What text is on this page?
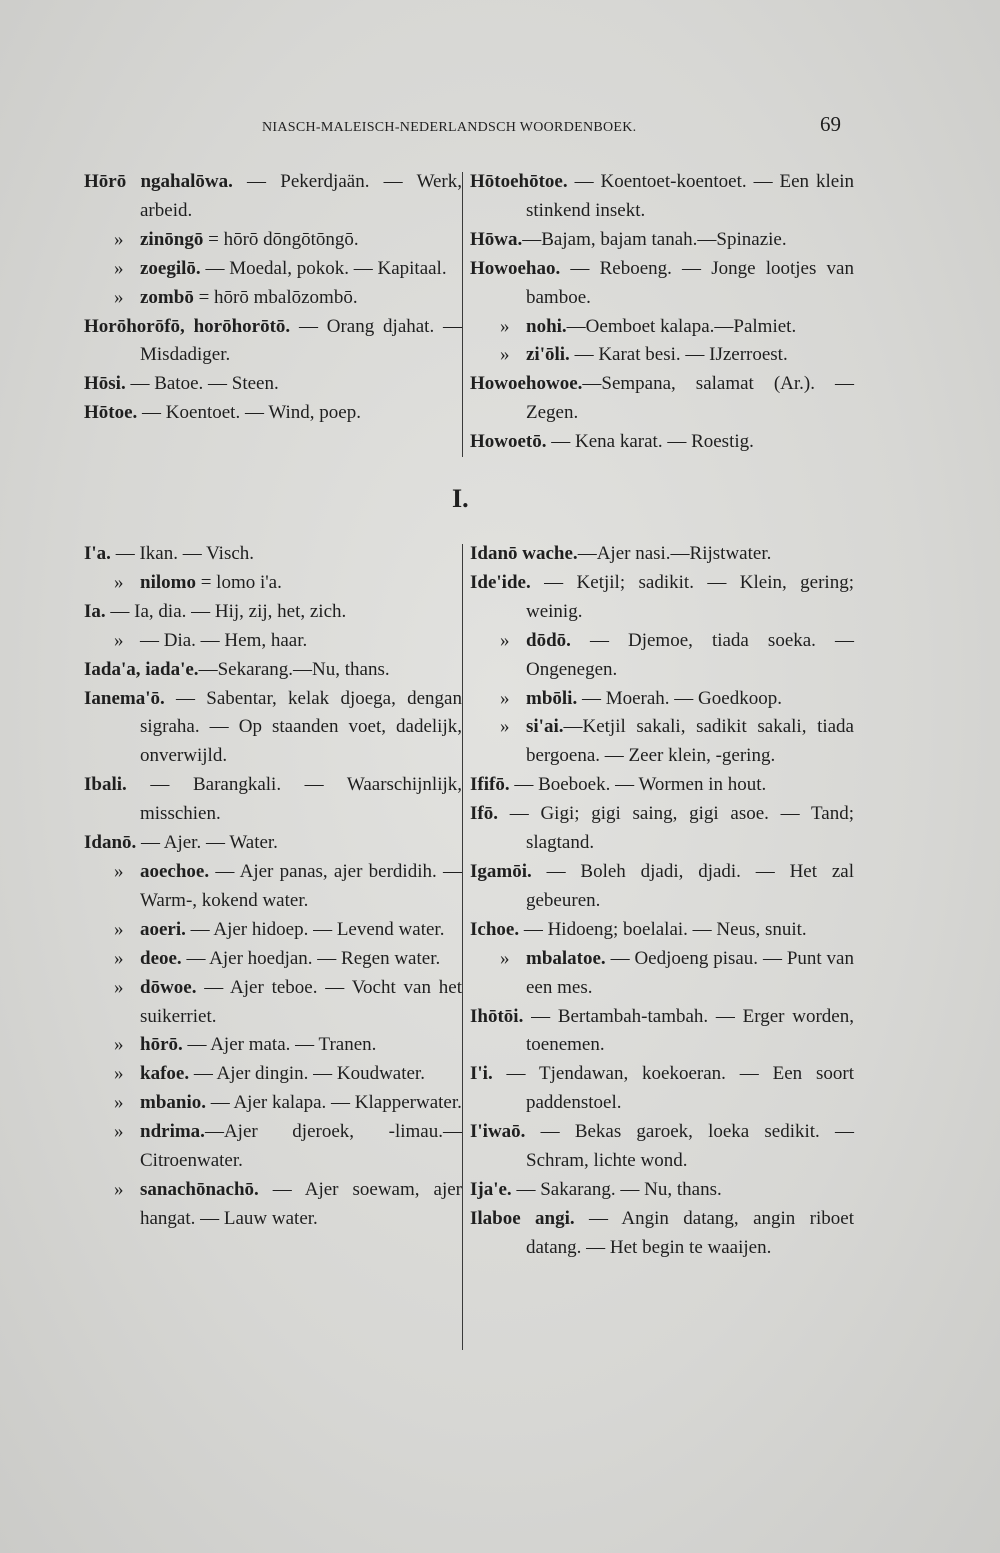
NIASCH-MALEISCH-NEDERLANDSCH WOORDENBOEK.	69

Hōrō ngahalōwa. — Pekerdjaän. — Werk, arbeid.

» zinōngō = hōrō dōngōtōngō.

» zoegilō. — Moedal, pokok. — Kapitaal.

» zombō = hōrō mbalōzombō.

Horōhorōfō, horōhorōtō. — Orang djahat. — Misdadiger.

Hōsi. — Batoe. — Steen.

Hōtoe. — Koentoet. — Wind, poep.

Hōtoehōtoe. — Koentoet-koentoet. — Een klein stinkend insekt.

Hōwa.—Bajam, bajam tanah.—Spinazie.

Howoehao. — Reboeng. — Jonge lootjes van bamboe.

» nohi.—Oemboet kalapa.—Palmiet.

» zi'ōli. — Karat besi. — IJzerroest.

Howoehowoe.—Sempana, salamat (Ar.). — Zegen.

Howoetō. — Kena karat. — Roestig.

I.

I'a. — Ikan. — Visch.

» nilomo = lomo i'a.

Ia. — Ia, dia. — Hij, zij, het, zich.

» — Dia. — Hem, haar.

Iada'a, iada'e.—Sekarang.—Nu, thans.

Ianema'ō. — Sabentar, kelak djoega, dengan sigraha. — Op staanden voet, dadelijk, onverwijld.

Ibali. — Barangkali. — Waarschijnlijk, misschien.

Idanō. — Ajer. — Water.

» aoechoe. — Ajer panas, ajer berdidih. — Warm-, kokend water.

» aoeri. — Ajer hidoep. — Levend water.

» deoe. — Ajer hoedjan. — Regen water.

» dōwoe. — Ajer teboe. — Vocht van het suikerriet.

» hōrō. — Ajer mata. — Tranen.

» kafoe. — Ajer dingin. — Koudwater.

» mbanio. — Ajer kalapa. — Klapperwater.

» ndrima.—Ajer djeroek, -limau.— Citroenwater.

» sanachōnachō. — Ajer soewam, ajer hangat. — Lauw water.

Idanō wache.—Ajer nasi.—Rijstwater.

Ide'ide. — Ketjil; sadikit. — Klein, gering; weinig.

» dōdō. — Djemoe, tiada soeka. — Ongenegen.

» mbōli. — Moerah. — Goedkoop.

» si'ai.—Ketjil sakali, sadikit sakali, tiada bergoena. — Zeer klein, -gering.

Ififō. — Boeboek. — Wormen in hout.

Ifō. — Gigi; gigi saing, gigi asoe. — Tand; slagtand.

Igamōi. — Boleh djadi, djadi. — Het zal gebeuren.

Ichoe. — Hidoeng; boelalai. — Neus, snuit.

» mbalatoe. — Oedjoeng pisau. — Punt van een mes.

Ihōtōi. — Bertambah-tambah. — Erger worden, toenemen.

I'i. — Tjendawan, koekoeran. — Een soort paddenstoel.

I'iwaō. — Bekas garoek, loeka sedikit. — Schram, lichte wond.

Ija'e. — Sakarang. — Nu, thans.

Ilaboe angi. — Angin datang, angin riboet datang. — Het begin te waaijen.
